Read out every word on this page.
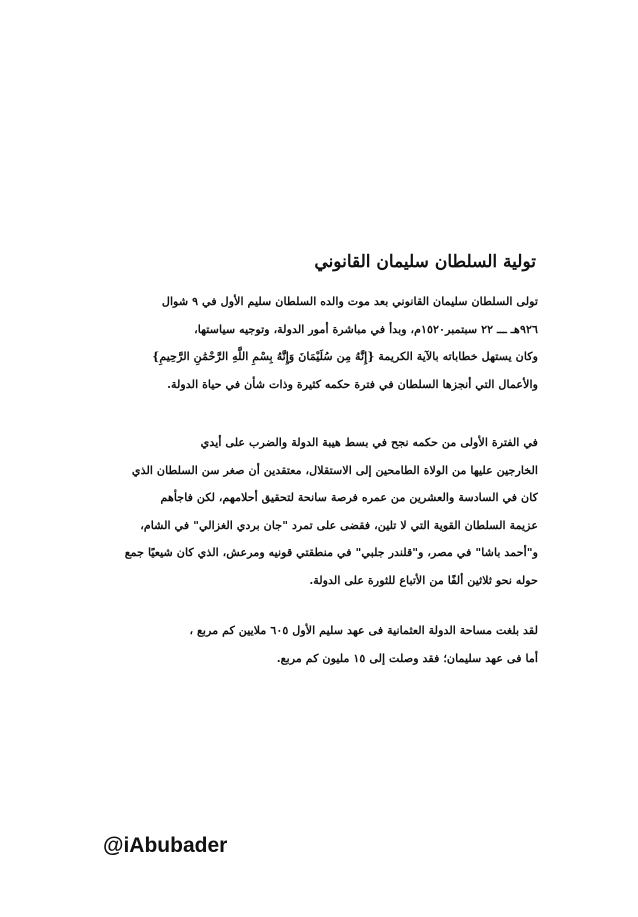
تولية السلطان سليمان القانوني

تولى السلطان سليمان القانوني بعد موت والده السلطان سليم الأول في ٩ شوال
٩٢٦هـ ـــ ٢٢ سبتمبر١٥٢٠م، وبدأ في مباشرة أمور الدولة، وتوجيه سياستها،
وكان يستهل خطاباته بالآية الكريمة {إِنَّهُ مِن سُلَيْمَانَ وَإِنَّهُ بِسْمِ اللَّهِ الرَّحْمَٰنِ الرَّحِيمِ}
والأعمال التي أنجزها السلطان في فترة حكمه كثيرة وذات شأن في حياة الدولة.

في الفترة الأولى من حكمه نجح في بسط هيبة الدولة والضرب على أيدي
الخارجين عليها من الولاة الطامحين إلى الاستقلال، معتقدين أن صغر سن السلطان الذي
كان في السادسة والعشرين من عمره فرصة سانحة لتحقيق أحلامهم، لكن فاجأهم
عزيمة السلطان القوية التي لا تلين، فقضى على تمرد "جان بردي الغزالي" في الشام،
و"أحمد باشا" في مصر، و"قلندر جلبي" في منطقتي قونيه ومرعش، الذي كان شيعيًا جمع
حوله نحو ثلاثين ألفًا من الأتباع للثورة على الدولة.

لقد بلغت مساحة الدولة العثمانية فى عهد سليم الأول ٦٠٥ ملايين كم مربع ،
أما فى عهد سليمان؛ فقد وصلت إلى ١٥ مليون كم مربع.

@iAbubader
